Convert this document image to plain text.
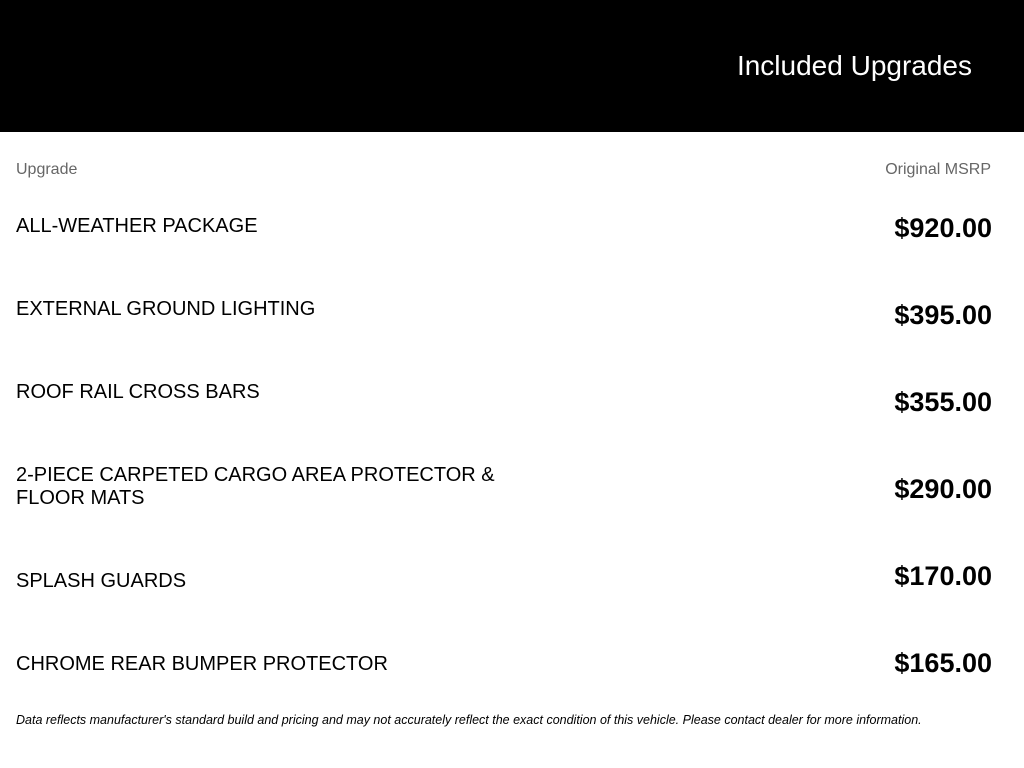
Included Upgrades
Upgrade	Original MSRP
ALL-WEATHER PACKAGE	$920.00
EXTERNAL GROUND LIGHTING	$395.00
ROOF RAIL CROSS BARS	$355.00
2-PIECE CARPETED CARGO AREA PROTECTOR & FLOOR MATS	$290.00
SPLASH GUARDS	$170.00
CHROME REAR BUMPER PROTECTOR	$165.00
Data reflects manufacturer's standard build and pricing and may not accurately reflect the exact condition of this vehicle. Please contact dealer for more information.
